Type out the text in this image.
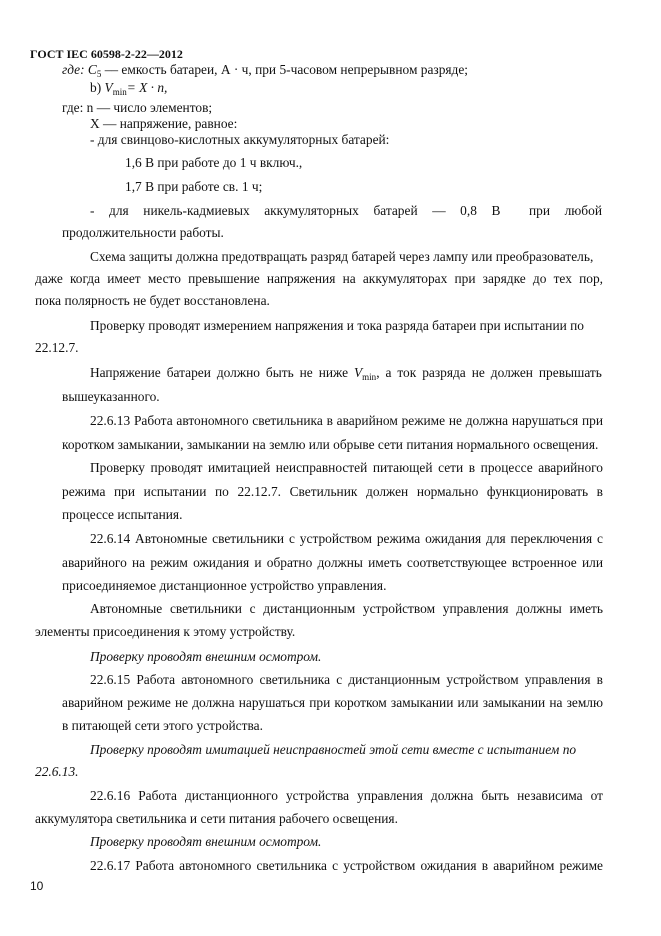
ГОСТ IEC 60598-2-22—2012
где: $C_5$ –– емкость батареи, А · ч, при 5-часовом непрерывном разряде;
b) $V_{min}= X \cdot n$,
где: n — число элементов;
X — напряжение, равное:
- для свинцово-кислотных аккумуляторных батарей:
1,6 В при работе до 1 ч включ.,
1,7 В при работе св. 1 ч;
- для никель-кадмиевых аккумуляторных батарей — 0,8 В при любой
продолжительности работы.
Схема защиты должна предотвращать разряд батарей через лампу или преобразователь,
даже когда имеет место превышение напряжения на аккумуляторах при зарядке до тех пор,
пока полярность не будет восстановлена.
Проверку проводят измерением напряжения и тока разряда батареи при испытании по
22.12.7.
Напряжение батареи должно быть не ниже $V_{min}$, а ток разряда не должен превышать
вышеуказанного.
22.6.13 Работа автономного светильника в аварийном режиме не должна нарушаться при
коротком замыкании, замыкании на землю или обрыве сети питания нормального освещения.
Проверку проводят имитацией неисправностей питающей сети в процессе аварийного
режима при испытании по 22.12.7. Светильник должен нормально функционировать в
процессе испытания.
22.6.14 Автономные светильники с устройством режима ожидания для переключения с
аварийного на режим ожидания и обратно должны иметь соответствующее встроенное или
присоединяемое дистанционное устройство управления.
Автономные светильники с дистанционным устройством управления должны иметь
элементы присоединения к этому устройству.
Проверку проводят внешним осмотром.
22.6.15 Работа автономного светильника с дистанционным устройством управления в
аварийном режиме не должна нарушаться при коротком замыкании или замыкании на землю
в питающей сети этого устройства.
Проверку проводят имитацией неисправностей этой сети вместе с испытанием по
22.6.13.
22.6.16 Работа дистанционного устройства управления должна быть независима от
аккумулятора светильника и сети питания рабочего освещения.
Проверку проводят внешним осмотром.
22.6.17 Работа автономного светильника с устройством ожидания в аварийном режиме
10
